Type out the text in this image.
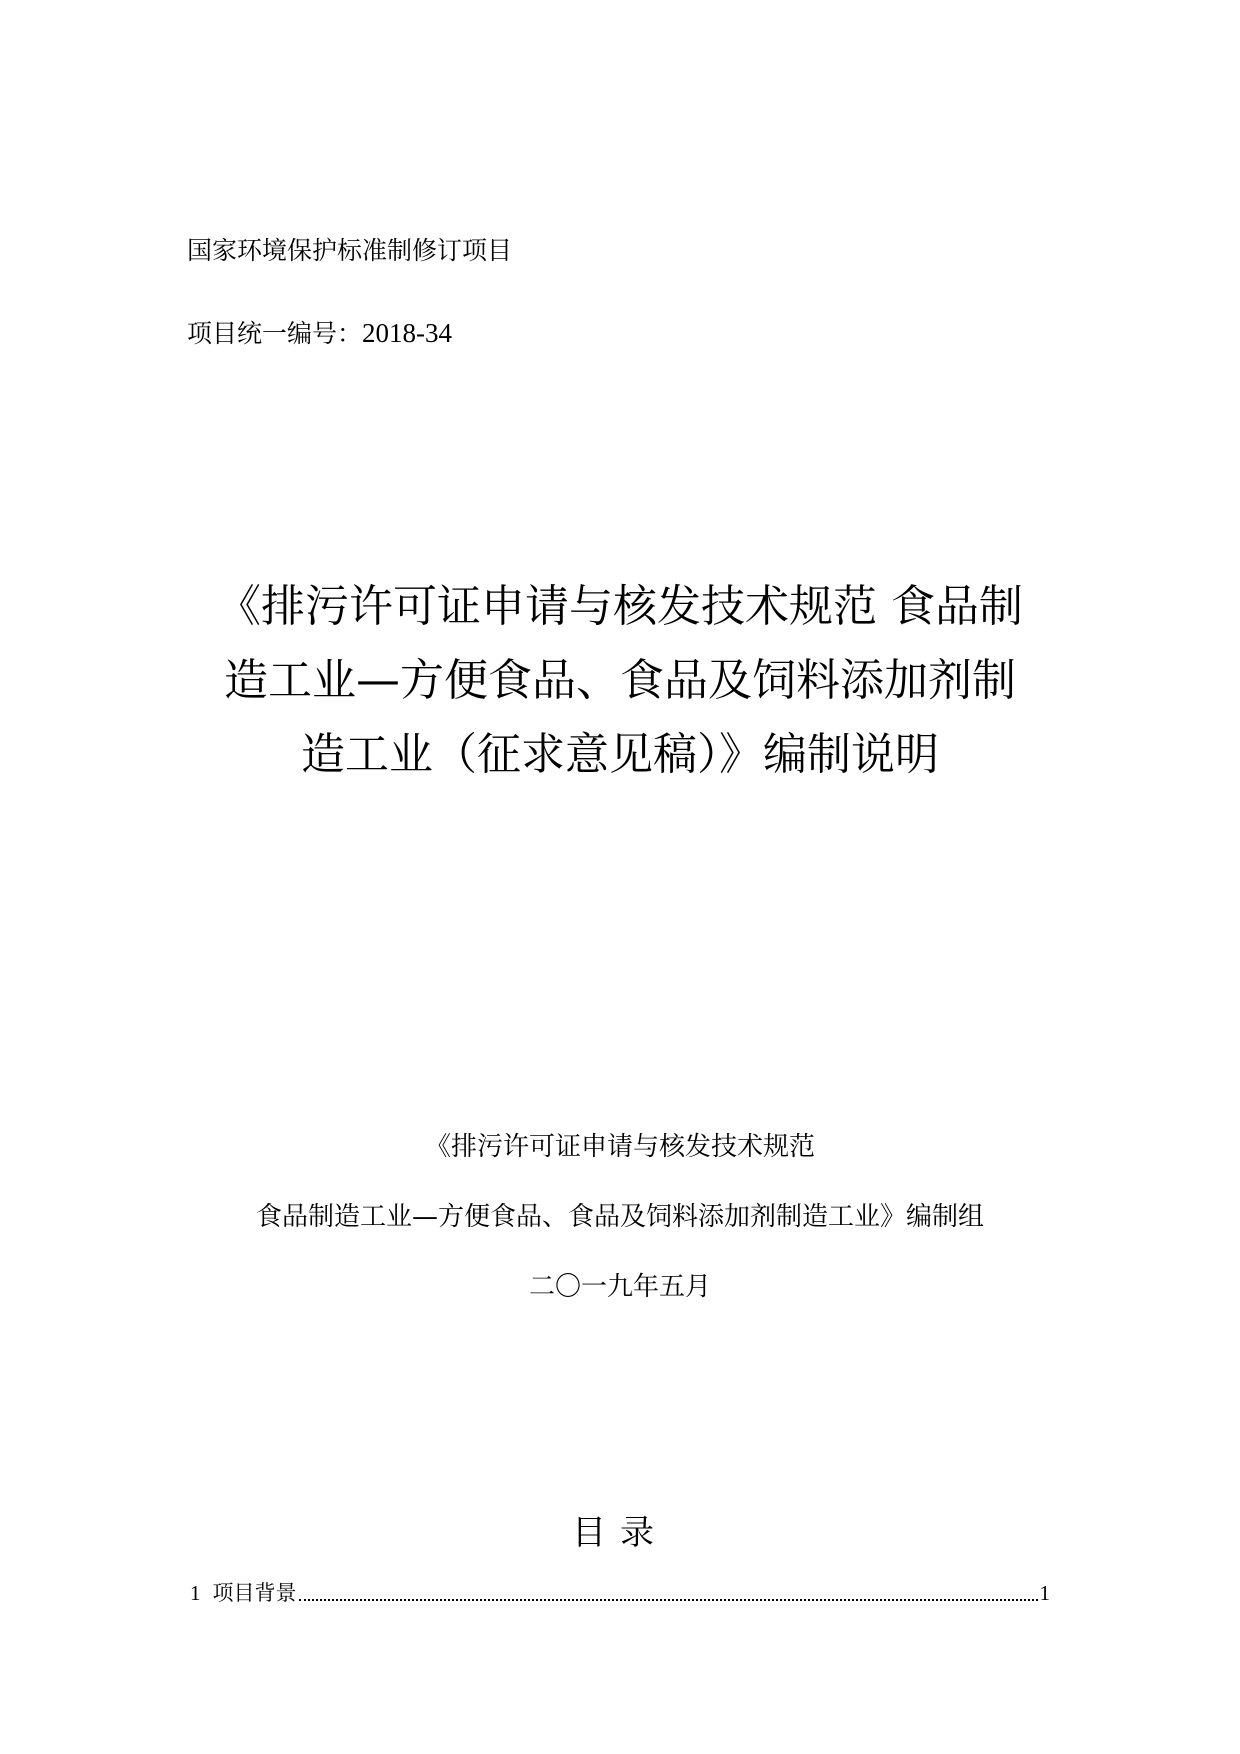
国家环境保护标准制修订项目
项目统一编号：2018-34
《排污许可证申请与核发技术规范 食品制
造工业—方便食品、食品及饲料添加剂制
造工业（征求意见稿）》编制说明
《排污许可证申请与核发技术规范
食品制造工业—方便食品、食品及饲料添加剂制造工业》编制组
二〇一九年五月
目录
1 项目背景	1
